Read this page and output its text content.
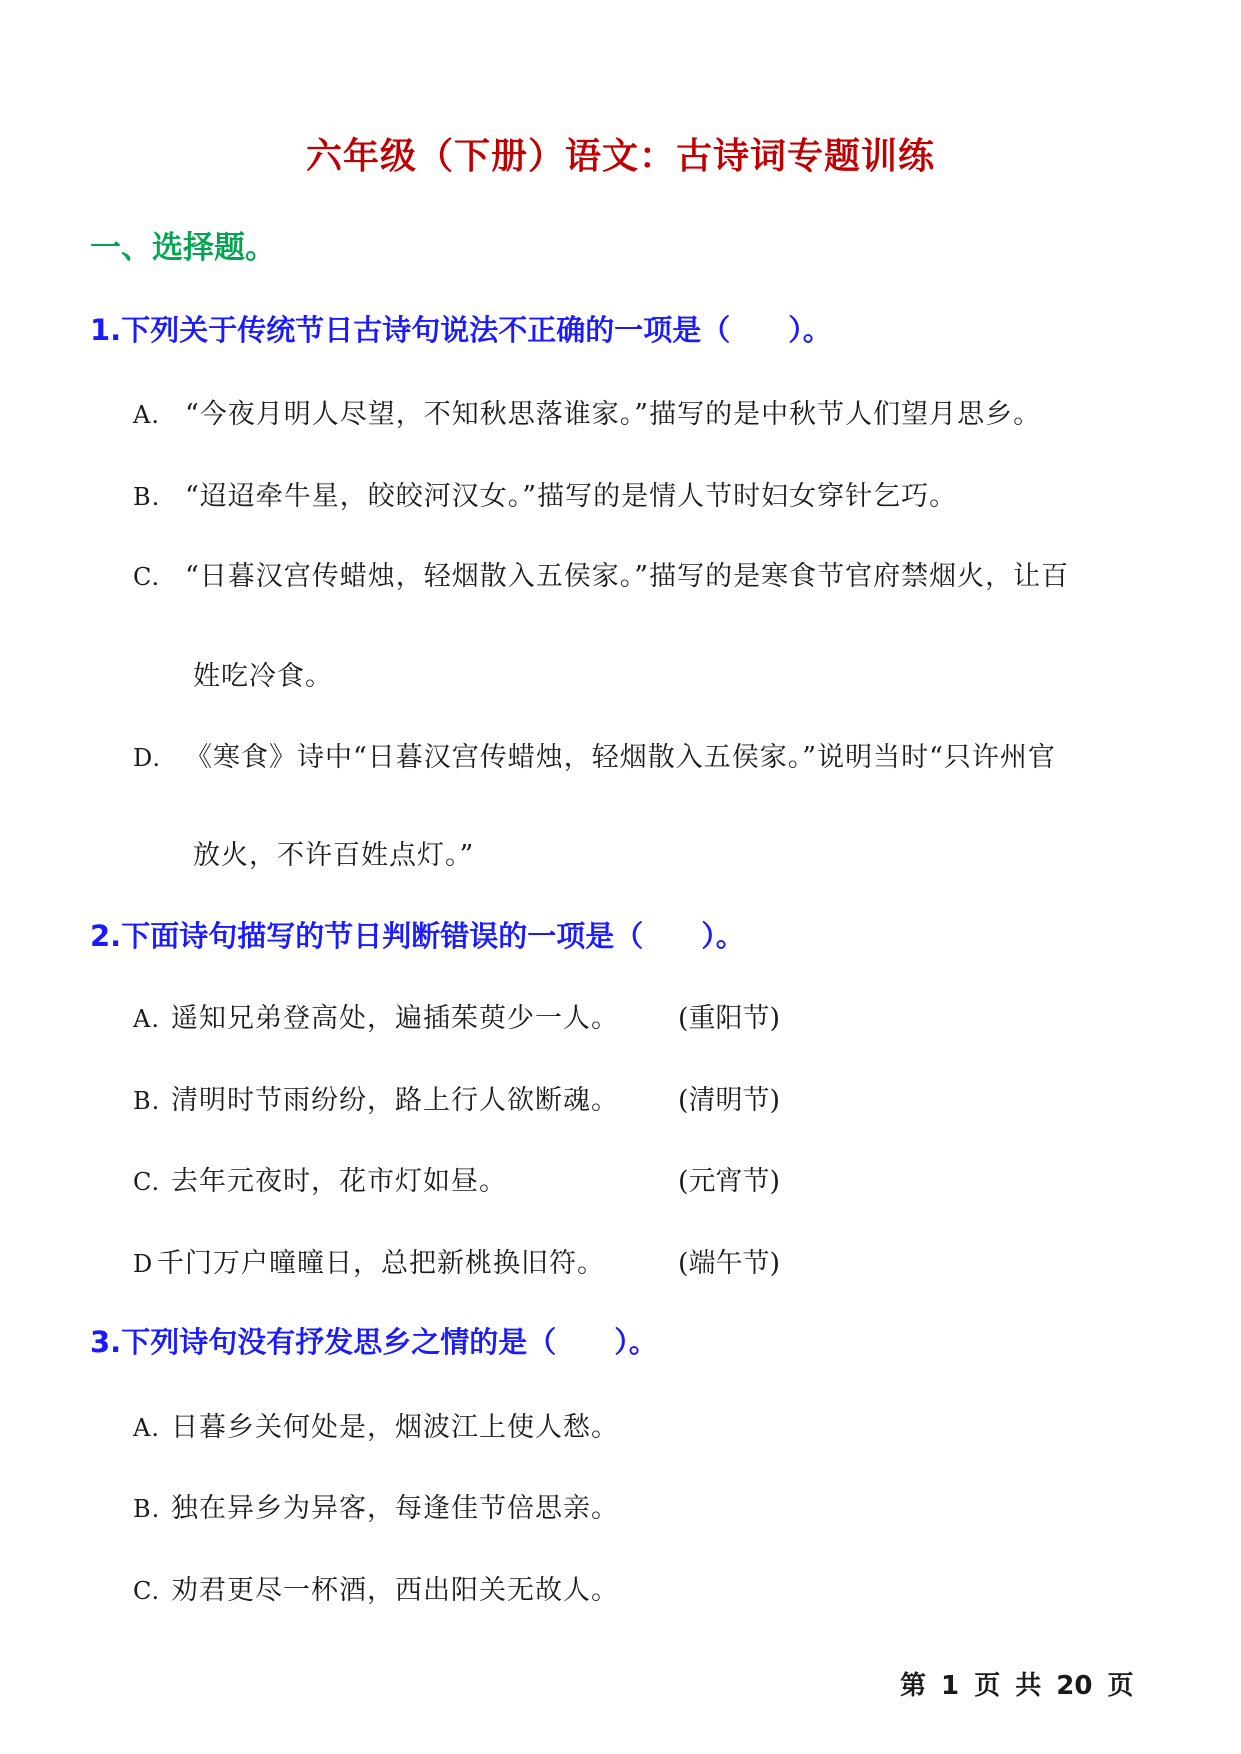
六年级（下册）语文：古诗词专题训练
一、选择题。
1.下列关于传统节日古诗句说法不正确的一项是（　　）。
A. “今夜月明人尽望，不知秋思落谁家。”描写的是中秋节人们望月思乡。
B. “迢迢牵牛星，皎皎河汉女。”描写的是情人节时妇女穿针乞巧。
C. “日暮汉宫传蜡烛，轻烟散入五侯家。”描写的是寒食节官府禁烟火，让百
姓吃冷食。
D. 《寒食》诗中“日暮汉宫传蜡烛，轻烟散入五侯家。”说明当时“只许州官
放火，不许百姓点灯。”
2.下面诗句描写的节日判断错误的一项是（　　）。
A. 遥知兄弟登高处，遍插茱萸少一人。 (重阳节)
B. 清明时节雨纷纷，路上行人欲断魂。 (清明节)
C. 去年元夜时，花市灯如昼。	(元宵节)
D 千门万户曈曈日，总把新桃换旧符。	(端午节)
3.下列诗句没有抒发思乡之情的是（　　）。
A. 日暮乡关何处是，烟波江上使人愁。
B. 独在异乡为异客，每逢佳节倍思亲。
C. 劝君更尽一杯酒，西出阳关无故人。
第 1 页 共 20 页
